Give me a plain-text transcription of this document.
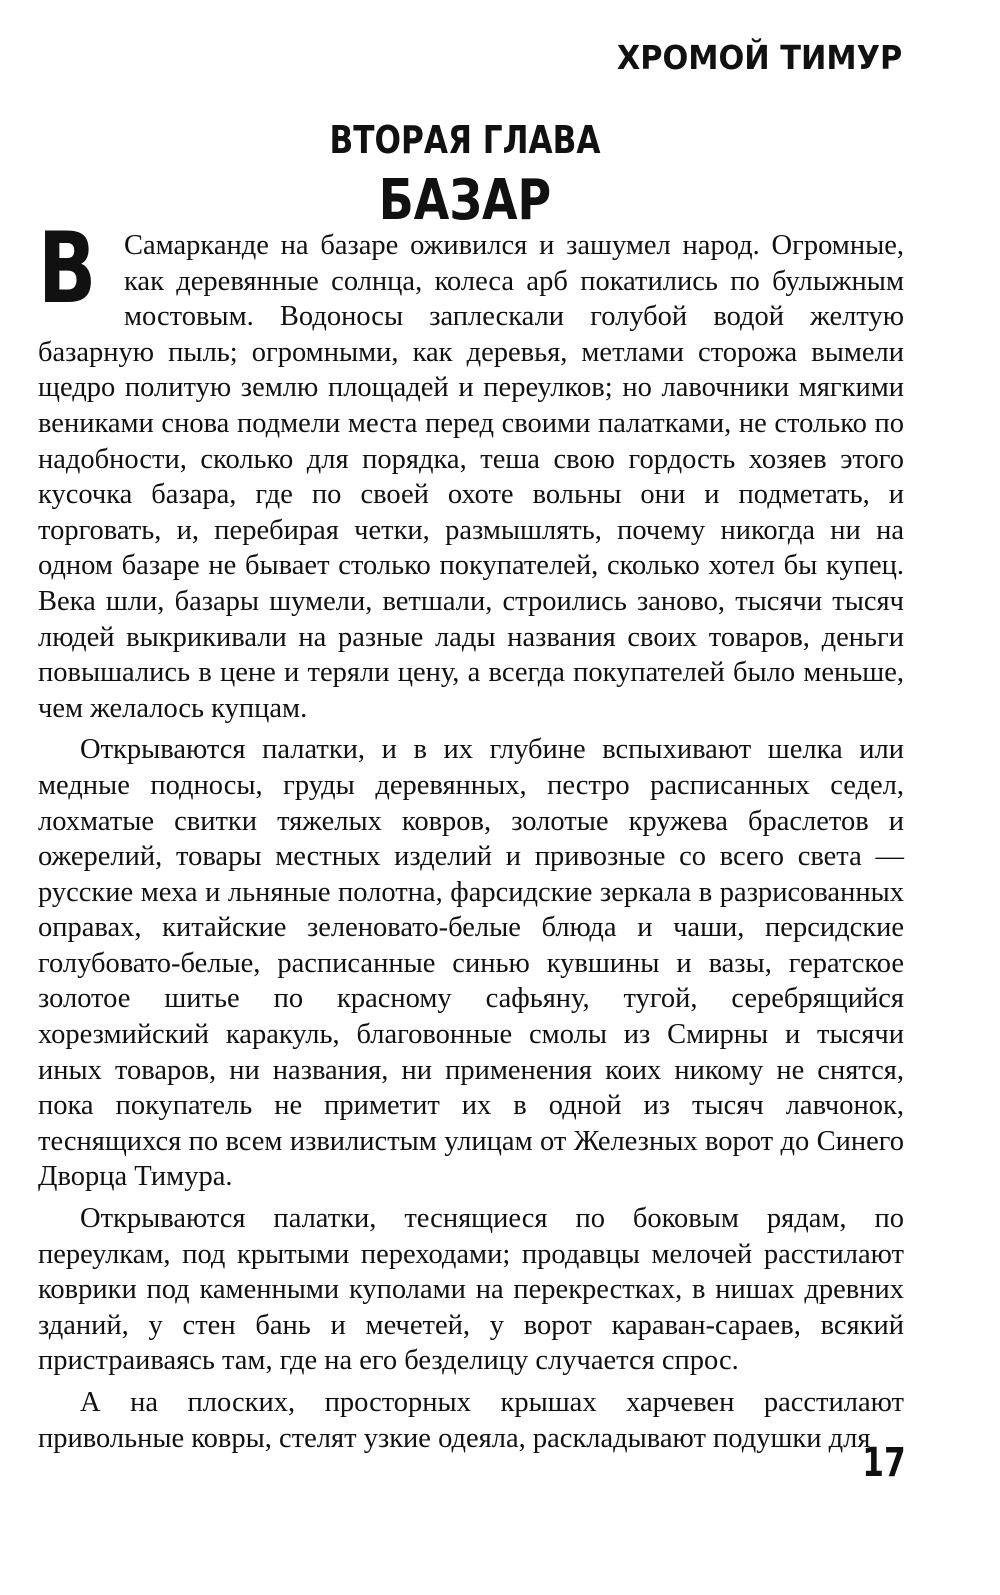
ХРОМОЙ ТИМУР
ВТОРАЯ ГЛАВА
БАЗАР

В Самарканде на базаре оживился и зашумел народ. Огромные, как деревянные солнца, колеса арб покатились по булыжным мостовым. Водоносы заплескали голубой водой желтую базарную пыль; огромными, как деревья, метлами сторожа вымели щедро политую землю площадей и переулков; но лавочники мягкими вениками снова подмели места перед своими палатками, не столько по надобности, сколько для порядка, теша свою гордость хозяев этого кусочка базара, где по своей охоте вольны они и подметать, и торговать, и, перебирая четки, размышлять, почему никогда ни на одном базаре не бывает столько покупателей, сколько хотел бы купец. Века шли, базары шумели, ветшали, строились заново, тысячи тысяч людей выкрикивали на разные лады названия своих товаров, деньги повышались в цене и теряли цену, а всегда покупателей было меньше, чем желалось купцам.

Открываются палатки, и в их глубине вспыхивают шелка или медные подносы, груды деревянных, пестро расписанных седел, лохматые свитки тяжелых ковров, золотые кружева браслетов и ожерелий, товары местных изделий и привозные со всего света — русские меха и льняные полотна, фарсидские зеркала в разрисованных оправах, китайские зеленовато-белые блюда и чаши, персидские голубовато-белые, расписанные синью кувшины и вазы, гератское золотое шитье по красному сафьяну, тугой, серебрящийся хорезмийский каракуль, благовонные смолы из Смирны и тысячи иных товаров, ни названия, ни применения коих никому не снятся, пока покупатель не приметит их в одной из тысяч лавчонок, теснящихся по всем извилистым улицам от Железных ворот до Синего Дворца Тимура.

Открываются палатки, теснящиеся по боковым рядам, по переулкам, под крытыми переходами; продавцы мелочей расстилают коврики под каменными куполами на перекрестках, в нишах древних зданий, у стен бань и мечетей, у ворот караван-сараев, всякий пристраиваясь там, где на его безделицу случается спрос.

А на плоских, просторных крышах харчевен расстилают привольные ковры, стелят узкие одеяла, раскладывают подушки для

17
